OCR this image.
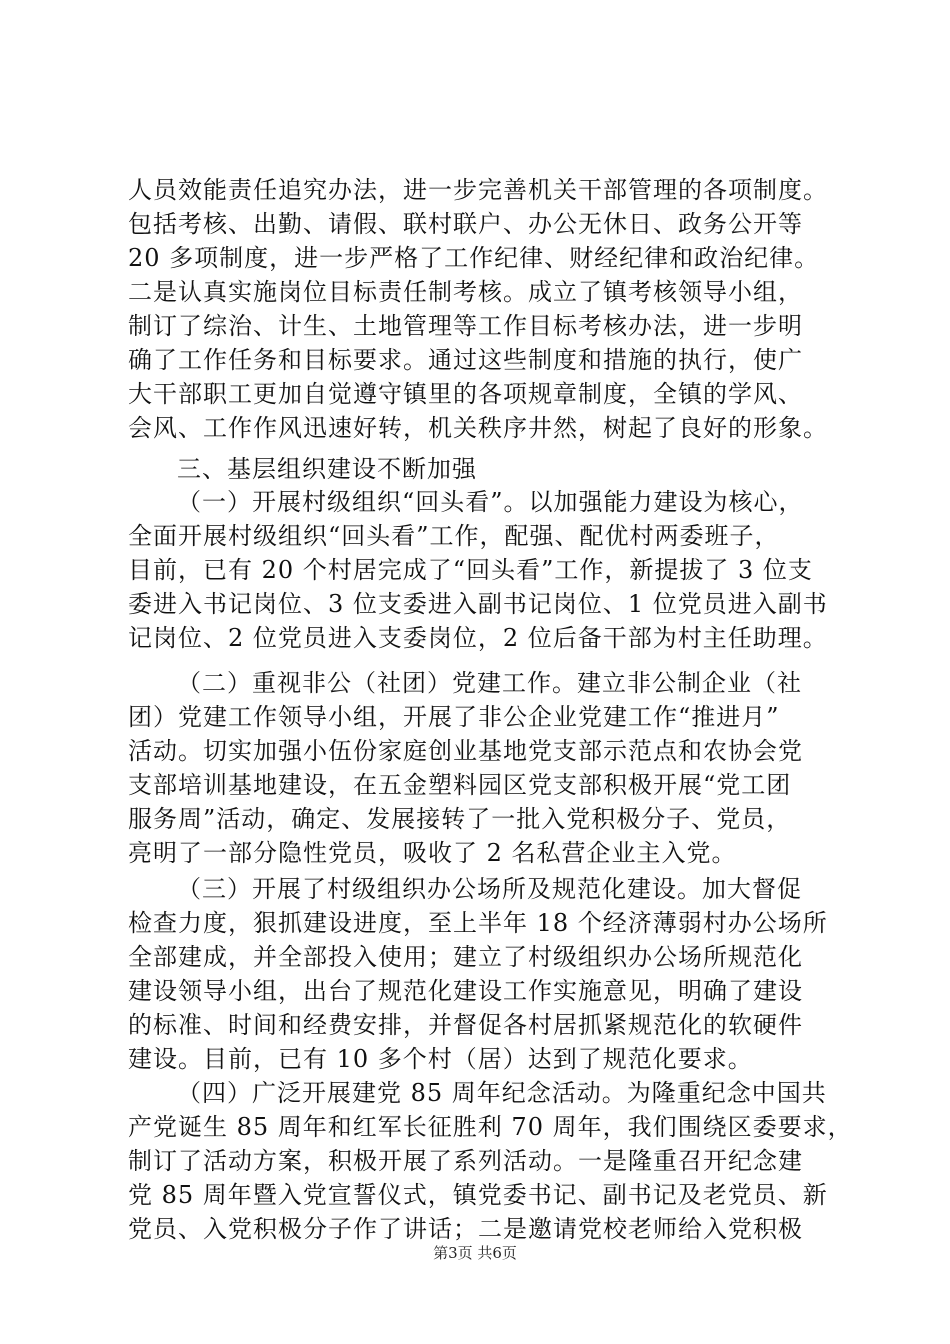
人员效能责任追究办法，进一步完善机关干部管理的各项制度。
包括考核、出勤、请假、联村联户、办公无休日、政务公开等
20 多项制度，进一步严格了工作纪律、财经纪律和政治纪律。
二是认真实施岗位目标责任制考核。成立了镇考核领导小组，
制订了综治、计生、土地管理等工作目标考核办法，进一步明
确了工作任务和目标要求。通过这些制度和措施的执行，使广
大干部职工更加自觉遵守镇里的各项规章制度，全镇的学风、
会风、工作作风迅速好转，机关秩序井然，树起了良好的形象。
三、基层组织建设不断加强
（一）开展村级组织“回头看”。以加强能力建设为核心，
全面开展村级组织“回头看”工作，配强、配优村两委班子，
目前，已有 20 个村居完成了“回头看”工作，新提拔了 3 位支
委进入书记岗位、3 位支委进入副书记岗位、1 位党员进入副书
记岗位、2 位党员进入支委岗位，2 位后备干部为村主任助理。
（二）重视非公（社团）党建工作。建立非公制企业（社
团）党建工作领导小组，开展了非公企业党建工作“推进月”
活动。切实加强小伍份家庭创业基地党支部示范点和农协会党
支部培训基地建设，在五金塑料园区党支部积极开展“党工团
服务周”活动，确定、发展接转了一批入党积极分子、党员，
亮明了一部分隐性党员，吸收了 2 名私营企业主入党。
（三）开展了村级组织办公场所及规范化建设。加大督促
检查力度，狠抓建设进度，至上半年 18 个经济薄弱村办公场所
全部建成，并全部投入使用；建立了村级组织办公场所规范化
建设领导小组，出台了规范化建设工作实施意见，明确了建设
的标准、时间和经费安排，并督促各村居抓紧规范化的软硬件
建设。目前，已有 10 多个村（居）达到了规范化要求。
（四）广泛开展建党 85 周年纪念活动。为隆重纪念中国共
产党诞生 85 周年和红军长征胜利 70 周年，我们围绕区委要求，
制订了活动方案，积极开展了系列活动。一是隆重召开纪念建
党 85 周年暨入党宣誓仪式，镇党委书记、副书记及老党员、新
党员、入党积极分子作了讲话；二是邀请党校老师给入党积极
第3页 共6页
